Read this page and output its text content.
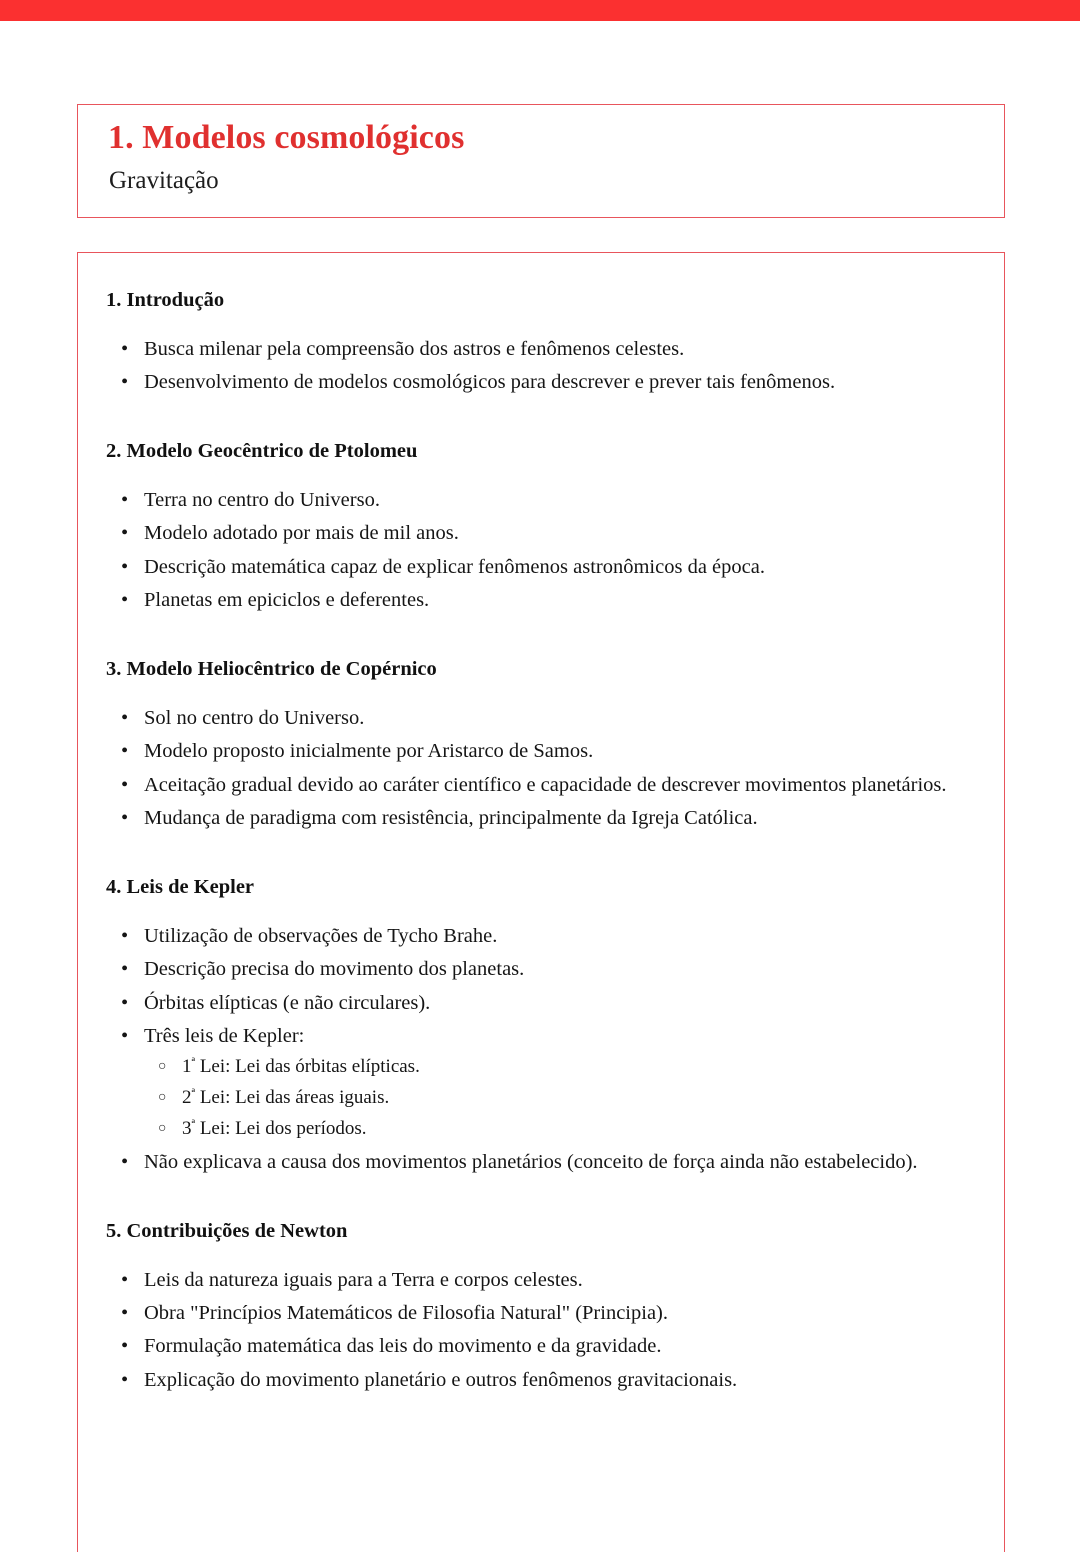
1. Modelos cosmológicos
Gravitação
1. Introdução
• Busca milenar pela compreensão dos astros e fenômenos celestes.
• Desenvolvimento de modelos cosmológicos para descrever e prever tais fenômenos.
2. Modelo Geocêntrico de Ptolomeu
• Terra no centro do Universo.
• Modelo adotado por mais de mil anos.
• Descrição matemática capaz de explicar fenômenos astronômicos da época.
• Planetas em epiciclos e deferentes.
3. Modelo Heliocêntrico de Copérnico
• Sol no centro do Universo.
• Modelo proposto inicialmente por Aristarco de Samos.
• Aceitação gradual devido ao caráter científico e capacidade de descrever movimentos planetários.
• Mudança de paradigma com resistência, principalmente da Igreja Católica.
4. Leis de Kepler
• Utilização de observações de Tycho Brahe.
• Descrição precisa do movimento dos planetas.
• Órbitas elípticas (e não circulares).
• Três leis de Kepler:
○ $1^ª$ Lei: Lei das órbitas elípticas.
○ $2^ª$ Lei: Lei das áreas iguais.
○ $3^ª$ Lei: Lei dos períodos.
• Não explicava a causa dos movimentos planetários (conceito de força ainda não estabelecido).
5. Contribuições de Newton
• Leis da natureza iguais para a Terra e corpos celestes.
• Obra "Princípios Matemáticos de Filosofia Natural" (Principia).
• Formulação matemática das leis do movimento e da gravidade.
• Explicação do movimento planetário e outros fenômenos gravitacionais.
